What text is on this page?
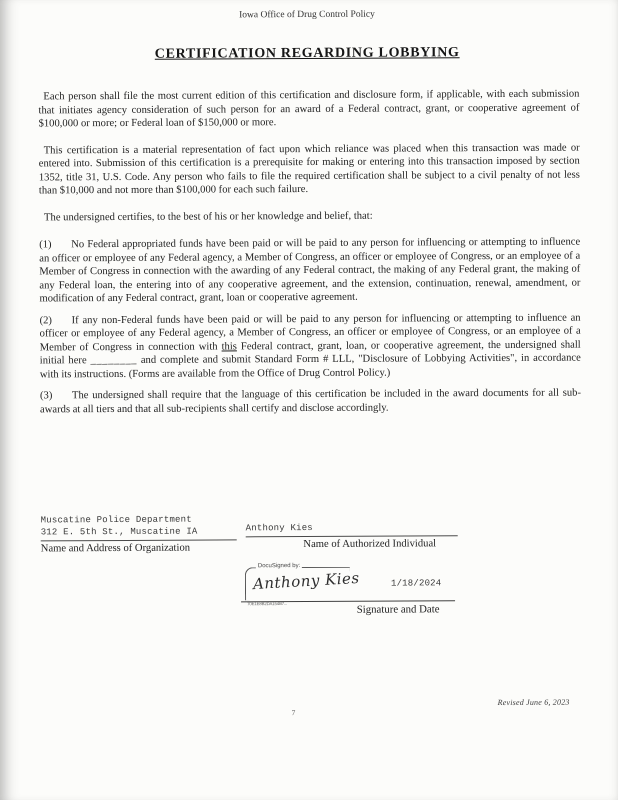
Iowa Office of Drug Control Policy
CERTIFICATION REGARDING LOBBYING

Each person shall file the most current edition of this certification and disclosure form, if applicable, with each submission that initiates agency consideration of such person for an award of a Federal contract, grant, or cooperative agreement of $100,000 or more; or Federal loan of $150,000 or more.

This certification is a material representation of fact upon which reliance was placed when this transaction was made or entered into. Submission of this certification is a prerequisite for making or entering into this transaction imposed by section 1352, title 31, U.S. Code. Any person who fails to file the required certification shall be subject to a civil penalty of not less than $10,000 and not more than $100,000 for each such failure.

The undersigned certifies, to the best of his or her knowledge and belief, that:

(1) No Federal appropriated funds have been paid or will be paid to any person for influencing or attempting to influence an officer or employee of any Federal agency, a Member of Congress, an officer or employee of Congress, or an employee of a Member of Congress in connection with the awarding of any Federal contract, the making of any Federal grant, the making of any Federal loan, the entering into of any cooperative agreement, and the extension, continuation, renewal, amendment, or modification of any Federal contract, grant, loan or cooperative agreement.

(2) If any non-Federal funds have been paid or will be paid to any person for influencing or attempting to influence an officer or employee of any Federal agency, a Member of Congress, an officer or employee of Congress, or an employee of a Member of Congress in connection with this Federal contract, grant, loan, or cooperative agreement, the undersigned shall initial here ________ and complete and submit Standard Form # LLL, "Disclosure of Lobbying Activities", in accordance with its instructions. (Forms are available from the Office of Drug Control Policy.)

(3) The undersigned shall require that the language of this certification be included in the award documents for all sub-awards at all tiers and that all sub-recipients shall certify and disclose accordingly.

Muscatine Police Department
312 E. 5th St., Muscatine IA
Name and Address of Organization
Anthony Kies
Name of Authorized Individual
DocuSigned by:
Anthony Kies	1/18/2024
70E1E8B2DA154B7...	Signature and Date
7
Revised June 6, 2023
